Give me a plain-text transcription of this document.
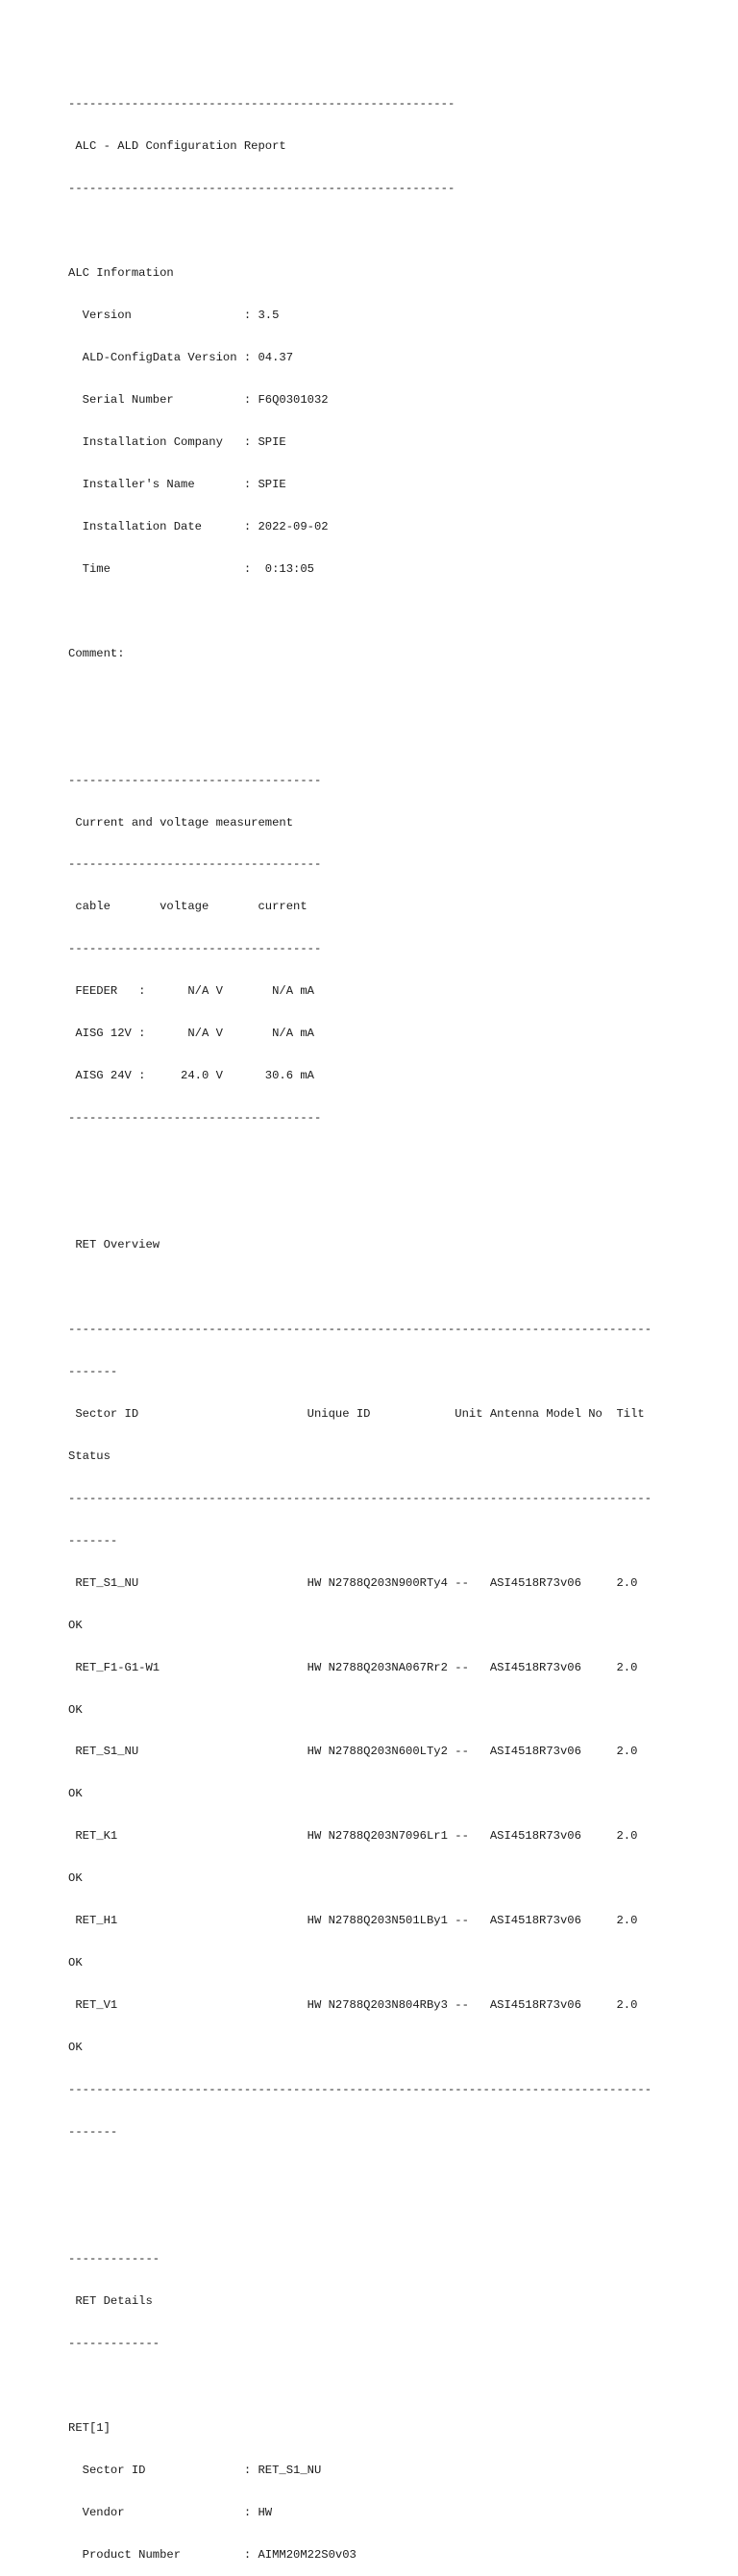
-------------------------------------------------------

ALC - ALD Configuration Report

-------------------------------------------------------

ALC Information

Version                : 3.5

ALD-ConfigData Version : 04.37

Serial Number          : F6Q0301032

Installation Company   : SPIE

Installer's Name       : SPIE

Installation Date      : 2022-09-02

Time                   :  0:13:05

Comment:

------------------------------------

Current and voltage measurement

------------------------------------

cable       voltage       current

------------------------------------

FEEDER   :      N/A V       N/A mA

AISG 12V :      N/A V       N/A mA

AISG 24V :     24.0 V      30.6 mA

------------------------------------

RET Overview

-----------------------------------------------------------------------------------

-------

Sector ID                        Unique ID            Unit Antenna Model No  Tilt

Status

-----------------------------------------------------------------------------------

-------

RET_S1_NU                        HW N2788Q203N900RTy4 --   ASI4518R73v06     2.0

OK

RET_F1-G1-W1                     HW N2788Q203NA067Rr2 --   ASI4518R73v06     2.0

OK

RET_S1_NU                        HW N2788Q203N600LTy2 --   ASI4518R73v06     2.0

OK

RET_K1                           HW N2788Q203N7096Lr1 --   ASI4518R73v06     2.0

OK

RET_H1                           HW N2788Q203N501LBy1 --   ASI4518R73v06     2.0

OK

RET_V1                           HW N2788Q203N804RBy3 --   ASI4518R73v06     2.0

OK

-----------------------------------------------------------------------------------

-------

-------------

RET Details

-------------

RET[1]

Sector ID              : RET_S1_NU

Vendor                 : HW

Product Number         : AIMM20M22S0v03
